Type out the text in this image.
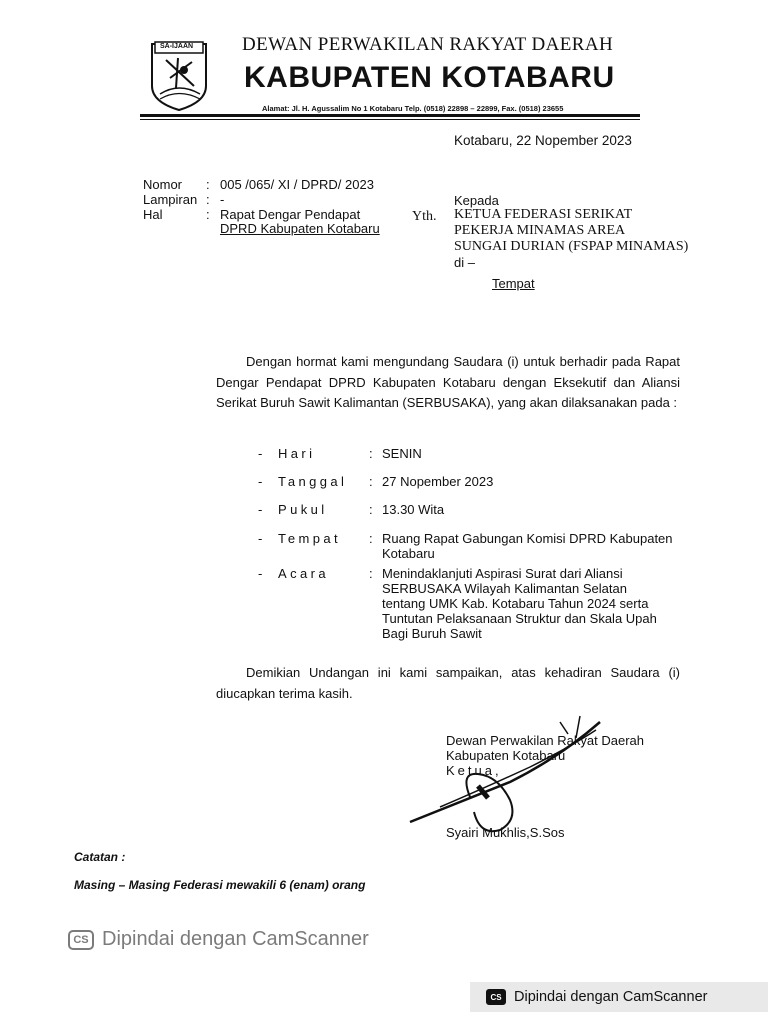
SA-IJAAN	DEWAN PERWAKILAN RAKYAT DAERAH
KABUPATEN KOTABARU
Alamat: Jl. H. Agussalim No 1 Kotabaru Telp. (0518) 22898 – 22899, Fax. (0518) 23655
Kotabaru, 22 Nopember 2023
Nomor : 005 /065/ XI / DPRD/ 2023
Lampiran : -
Hal	: Rapat Dengar Pendapat
DPRD Kabupaten Kotabaru
Kepada
Yth. KETUA FEDERASI SERIKAT
PEKERJA MINAMAS AREA
SUNGAI DURIAN (FSPAP MINAMAS)
di –
Tempat
Dengan hormat kami mengundang Saudara (i) untuk berhadir pada Rapat Dengar Pendapat DPRD Kabupaten Kotabaru dengan Eksekutif dan Aliansi Serikat Buruh Sawit Kalimantan (SERBUSAKA), yang akan dilaksanakan pada :
- Hari	: SENIN
- Tanggal : 27 Nopember 2023
- Pukul	: 13.30 Wita
- Tempat : Ruang Rapat Gabungan Komisi DPRD Kabupaten Kotabaru
- Acara	: Menindaklanjuti Aspirasi Surat dari Aliansi SERBUSAKA Wilayah Kalimantan Selatan tentang UMK Kab. Kotabaru Tahun 2024 serta Tuntutan Pelaksanaan Struktur dan Skala Upah Bagi Buruh Sawit
Demikian Undangan ini kami sampaikan, atas kehadiran Saudara (i) diucapkan terima kasih.
Dewan Perwakilan Rakyat Daerah
Kabupaten Kotabaru
Ketua,
Syairi Mukhlis,S.Sos
Catatan :
Masing – Masing Federasi mewakili 6 (enam) orang
CS Dipindai dengan CamScanner
CS Dipindai dengan CamScanner
